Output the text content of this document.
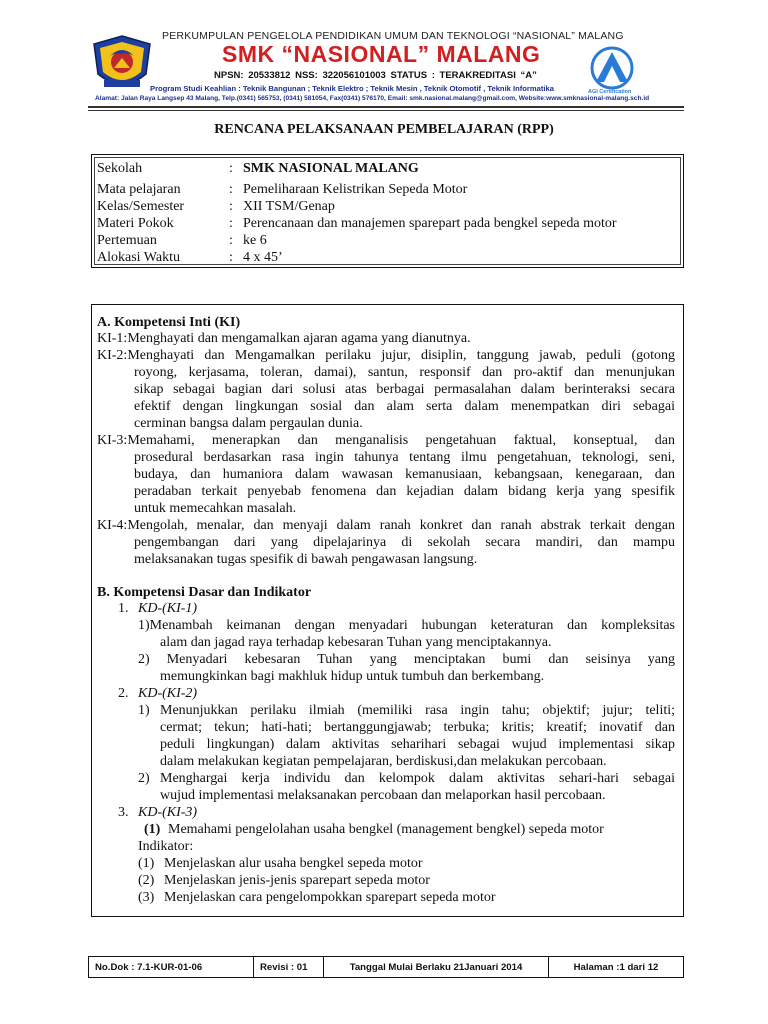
PERKUMPULAN PENGELOLA PENDIDIKAN UMUM DAN TEKNOLOGI “NASIONAL” MALANG
SMK “NASIONAL” MALANG
NPSN: 20533812 NSS: 322056101003 STATUS : TERAKREDITASI “A”
Program Studi Keahlian : Teknik Bangunan ; Teknik Elektro ; Teknik Mesin , Teknik Otomotif , Teknik Informatika
Alamat: Jalan Raya Langsep 43 Malang, Telp.(0341) 565753, (0341) 581054, Fax(0341) 576170, Email: smk.nasional.malang@gmail.com, Website:www.smknasional-malang.sch.id
AGI Certification
RENCANA PELAKSANAAN PEMBELAJARAN (RPP)
Sekolah	: SMK NASIONAL MALANG
Mata pelajaran	: Pemeliharaan Kelistrikan Sepeda Motor
Kelas/Semester	: XII TSM/Genap
Materi Pokok	: Perencanaan dan manajemen sparepart pada bengkel sepeda motor
Pertemuan	: ke 6
Alokasi Waktu	: 4 x 45’
A. Kompetensi Inti (KI)
KI-1:Menghayati dan mengamalkan ajaran agama yang dianutnya.
KI-2:Menghayati dan Mengamalkan perilaku jujur, disiplin, tanggung jawab, peduli (gotong
royong, kerjasama, toleran, damai), santun, responsif dan pro-aktif dan menunjukan
sikap sebagai bagian dari solusi atas berbagai permasalahan dalam berinteraksi secara
efektif dengan lingkungan sosial dan alam serta dalam menempatkan diri sebagai
cerminan bangsa dalam pergaulan dunia.
KI-3:Memahami, menerapkan dan menganalisis pengetahuan faktual, konseptual, dan
prosedural berdasarkan rasa ingin tahunya tentang ilmu pengetahuan, teknologi, seni,
budaya, dan humaniora dalam wawasan kemanusiaan, kebangsaan, kenegaraan, dan
peradaban terkait penyebab fenomena dan kejadian dalam bidang kerja yang spesifik
untuk memecahkan masalah.
KI-4:Mengolah, menalar, dan menyaji dalam ranah konkret dan ranah abstrak terkait dengan
pengembangan dari yang dipelajarinya di sekolah secara mandiri, dan mampu
melaksanakan tugas spesifik di bawah pengawasan langsung.
B. Kompetensi Dasar dan Indikator
1. KD-(KI-1)
1)Menambah keimanan dengan menyadari hubungan keteraturan dan kompleksitas
alam dan jagad raya terhadap kebesaran Tuhan yang menciptakannya.
2) Menyadari kebesaran Tuhan yang menciptakan bumi dan seisinya yang
memungkinkan bagi makhluk hidup untuk tumbuh dan berkembang.
2. KD-(KI-2)
1) Menunjukkan perilaku ilmiah (memiliki rasa ingin tahu; objektif; jujur; teliti;
cermat; tekun; hati-hati; bertanggungjawab; terbuka; kritis; kreatif; inovatif dan
peduli lingkungan) dalam aktivitas seharihari sebagai wujud implementasi sikap
dalam melakukan kegiatan pempelajaran, berdiskusi,dan melakukan percobaan.
2) Menghargai kerja individu dan kelompok dalam aktivitas sehari-hari sebagai
wujud implementasi melaksanakan percobaan dan melaporkan hasil percobaan.
3. KD-(KI-3)
(1) Memahami pengelolahan usaha bengkel (management bengkel) sepeda motor
Indikator:
(1) Menjelaskan alur usaha bengkel sepeda motor
(2) Menjelaskan jenis-jenis sparepart sepeda motor
(3) Menjelaskan cara pengelompokkan sparepart sepeda motor
No.Dok : 7.1-KUR-01-06	Revisi : 01	Tanggal Mulai Berlaku 21Januari 2014	Halaman :1 dari 12
